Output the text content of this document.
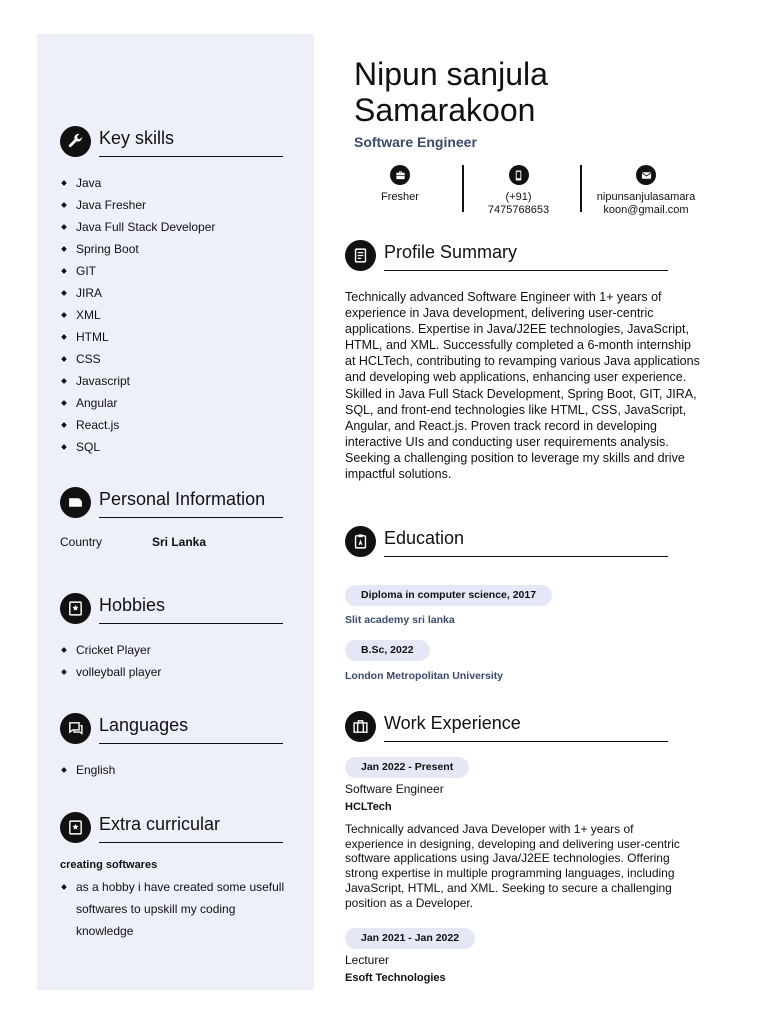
Key skills
Java
Java Fresher
Java Full Stack Developer
Spring Boot
GIT
JIRA
XML
HTML
CSS
Javascript
Angular
React.js
SQL
Personal Information
Country	Sri Lanka
Hobbies
Cricket Player
volleyball player
Languages
English
Extra curricular
creating softwares
as a hobby i have created some usefull softwares to upskill my coding knowledge
Nipun sanjula
Samarakoon
Software Engineer
Fresher	(+91)
7475768653
nipunsanjulasamara
koon@gmail.com
Profile Summary
Technically advanced Software Engineer with 1+ years of experience in Java development, delivering user-centric applications. Expertise in Java/J2EE technologies, JavaScript, HTML, and XML. Successfully completed a 6-month internship at HCLTech, contributing to revamping various Java applications and developing web applications, enhancing user experience. Skilled in Java Full Stack Development, Spring Boot, GIT, JIRA, SQL, and front-end technologies like HTML, CSS, JavaScript, Angular, and React.js. Proven track record in developing interactive UIs and conducting user requirements analysis. Seeking a challenging position to leverage my skills and drive impactful solutions.
Education
Diploma in computer science, 2017
Slit academy sri lanka
B.Sc, 2022
London Metropolitan University
Work Experience
Jan 2022 - Present
Software Engineer
HCLTech
Technically advanced Java Developer with 1+ years of experience in designing, developing and delivering user-centric software applications using Java/J2EE technologies. Offering strong expertise in multiple programming languages, including JavaScript, HTML, and XML. Seeking to secure a challenging position as a Developer.
Jan 2021 - Jan 2022
Lecturer
Esoft Technologies
